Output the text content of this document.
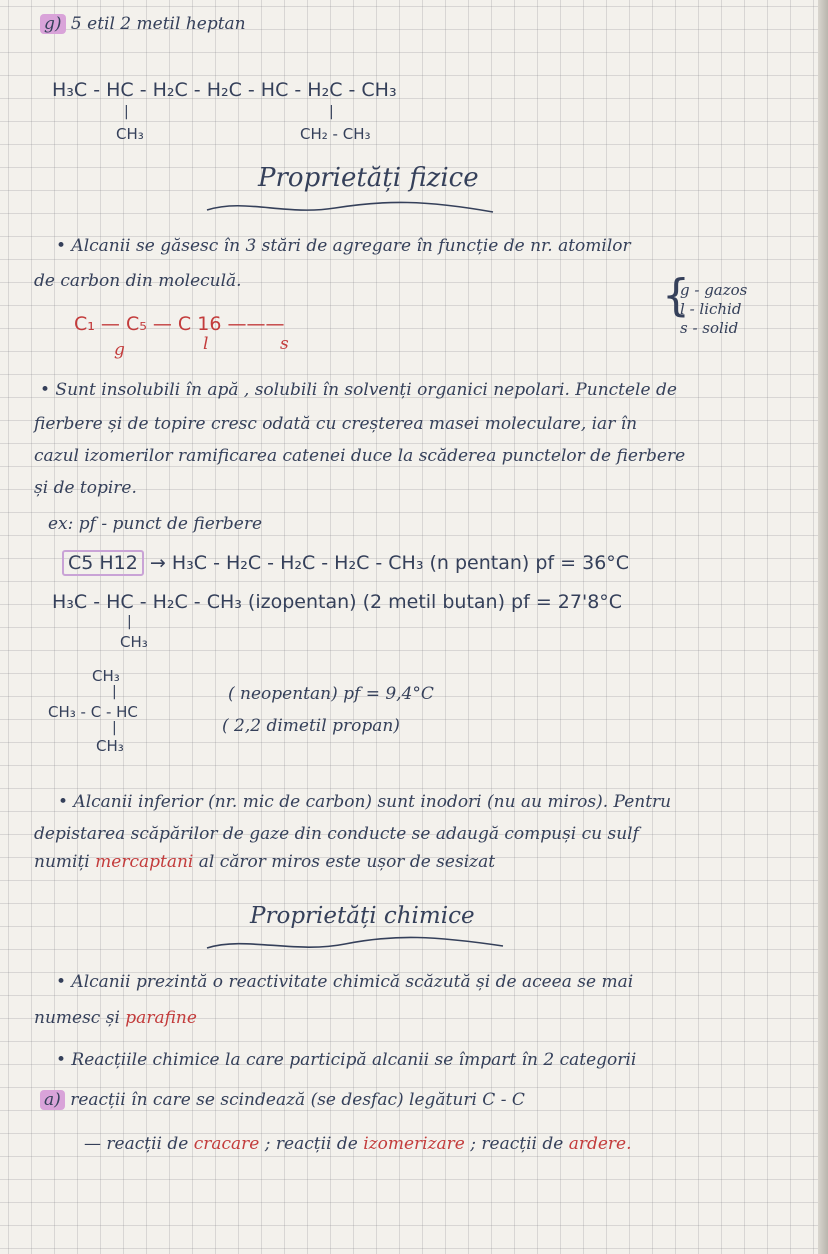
g) 5 etil 2 metil heptan
H₃C - HC - H₂C - H₂C - HC - H₂C - CH₃
|
CH₃
|
CH₂ - CH₃
Proprietăți fizice
• Alcanii se găsesc în 3 stări de agregare în funcție de nr. atomilor
de carbon din moleculă.	{
g - gazos
l - lichid
s - solid
C₁ — C₅ — C 16 ———
g	l	s
• Sunt insolubili în apă , solubili în solvenți organici nepolari. Punctele de
fierbere și de topire cresc odată cu creșterea masei moleculare, iar în
cazul izomerilor ramificarea catenei duce la scăderea punctelor de fierbere
și de topire.
ex: pf - punct de fierbere
C5 H12 → H₃C - H₂C - H₂C - H₂C - CH₃ (n pentan) pf = 36°C
H₃C - HC - H₂C - CH₃ (izopentan) (2 metil butan) pf = 27'8°C
|
CH₃
CH₃
|
CH₃ - C - HC
|
CH₃
( neopentan) pf = 9,4°C
( 2,2 dimetil propan)
• Alcanii inferior (nr. mic de carbon) sunt inodori (nu au miros). Pentru
depistarea scăpărilor de gaze din conducte se adaugă compuși cu sulf
numiți mercaptani al căror miros este ușor de sesizat
Proprietăți chimice
• Alcanii prezintă o reactivitate chimică scăzută și de aceea se mai
numesc și parafine
• Reacțiile chimice la care participă alcanii se împart în 2 categorii
a) reacții în care se scindează (se desfac) legături C - C
— reacții de cracare ; reacții de izomerizare ; reacții de ardere.
